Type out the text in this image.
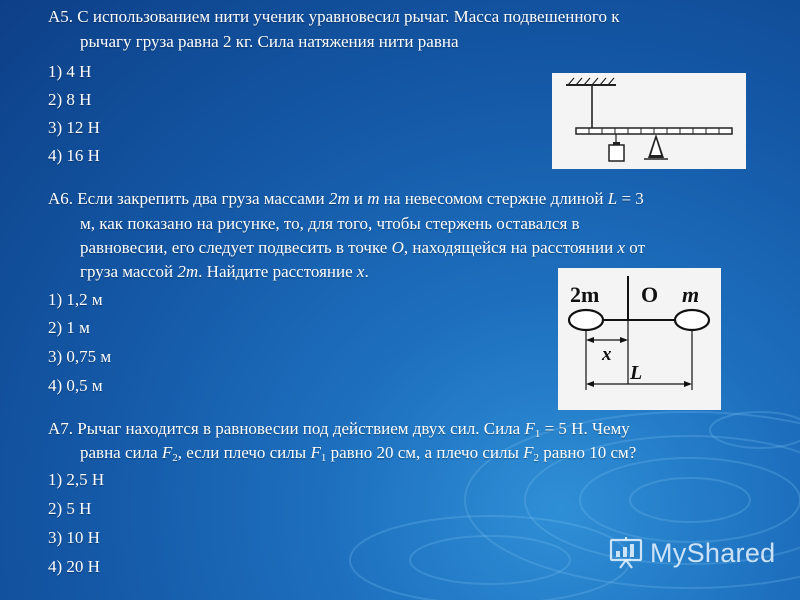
А5. С использованием нити ученик уравновесил рычаг. Масса подвешенного к
рычагу груза равна 2 кг. Сила натяжения нити равна
1) 4 Н
2) 8 Н
3) 12 Н
4) 16 Н
А6. Если закрепить два груза массами 2m и m на невесомом стержне длиной L = 3
м, как показано на рисунке, то, для того, чтобы стержень оставался в
равновесии, его следует подвесить в точке O, находящейся на расстоянии x от
груза массой 2m. Найдите расстояние x.
1) 1,2 м
2) 1 м
3) 0,75 м
4) 0,5 м
2m O m
x
L
А7. Рычаг находится в равновесии под действием двух сил. Сила $F_1 = 5$ Н. Чему
равна сила $F_2$, если плечо силы $F_1$ равно 20 см, а плечо силы $F_2$ равно 10 см?
1) 2,5 Н
2) 5 Н
3) 10 Н
4) 20 Н	MyShared
